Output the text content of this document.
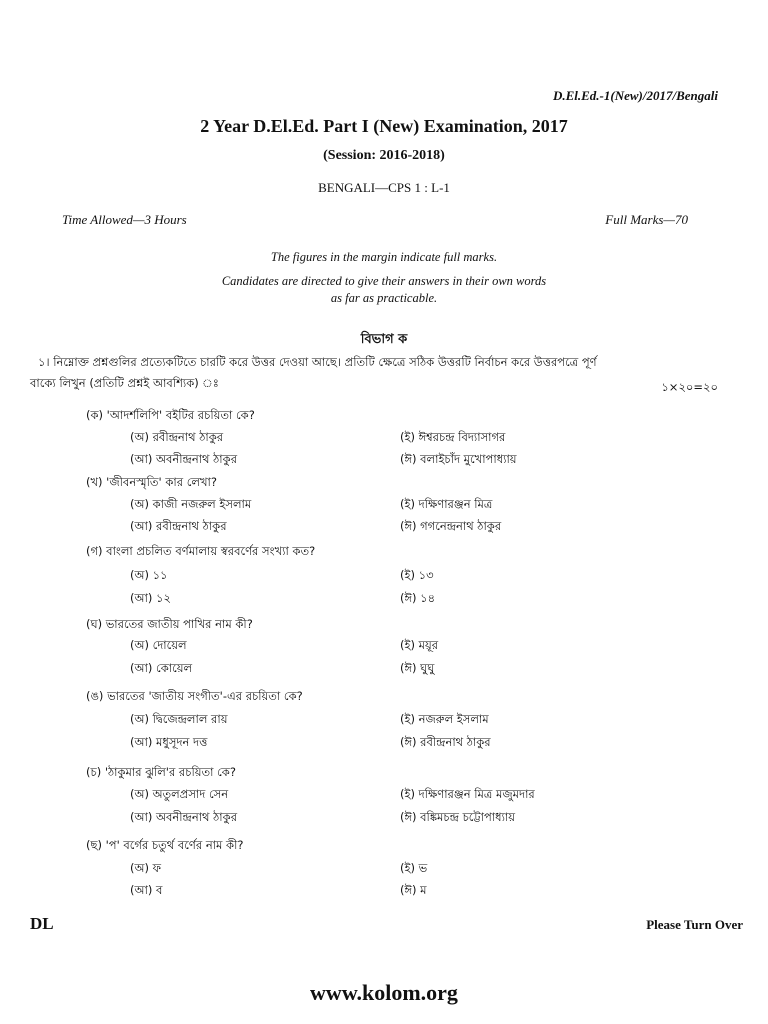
D.El.Ed.-1(New)/2017/Bengali
2 Year D.El.Ed. Part I (New) Examination, 2017
(Session: 2016-2018)
BENGALI—CPS 1 : L-1
Time Allowed—3 Hours	Full Marks—70
The figures in the margin indicate full marks.
Candidates are directed to give their answers in their own words
as far as practicable.
বিভাগ ক
১। নিম্নোক্ত প্রশ্নগুলির প্রত্যেকটিতে চারটি করে উত্তর দেওয়া আছে। প্রতিটি ক্ষেত্রে সঠিক উত্তরটি নির্বাচন করে উত্তরপত্রে পূর্ণ
বাক্যে লিখুন (প্রতিটি প্রশ্নই আবশ্যিক) ঃ	১×২০=২০
(ক) 'আদর্শলিপি' বইটির রচয়িতা কে?
(অ) রবীন্দ্রনাথ ঠাকুর	(ই) ঈশ্বরচন্দ্র বিদ্যাসাগর
(আ) অবনীন্দ্রনাথ ঠাকুর	(ঈ) বলাইচাঁদ মুখোপাধ্যায়
(খ) 'জীবনস্মৃতি' কার লেখা?
(অ) কাজী নজরুল ইসলাম	(ই) দক্ষিণারঞ্জন মিত্র
(আ) রবীন্দ্রনাথ ঠাকুর	(ঈ) গগনেন্দ্রনাথ ঠাকুর
(গ) বাংলা প্রচলিত বর্ণমালায় স্বরবর্ণের সংখ্যা কত?
(অ) ১১	(ই) ১৩
(আ) ১২	(ঈ) ১৪
(ঘ) ভারতের জাতীয় পাখির নাম কী?
(অ) দোয়েল	(ই) ময়ূর
(আ) কোয়েল	(ঈ) ঘুঘু
(ঙ) ভারতের 'জাতীয় সংগীত'-এর রচয়িতা কে?
(অ) দ্বিজেন্দ্রলাল রায়	(ই) নজরুল ইসলাম
(আ) মধুসূদন দত্ত	(ঈ) রবীন্দ্রনাথ ঠাকুর
(চ) 'ঠাকুমার ঝুলি'র রচয়িতা কে?
(অ) অতুলপ্রসাদ সেন	(ই) দক্ষিণারঞ্জন মিত্র মজুমদার
(আ) অবনীন্দ্রনাথ ঠাকুর	(ঈ) বঙ্কিমচন্দ্র চট্টোপাধ্যায়
(ছ) 'প' বর্গের চতুর্থ বর্ণের নাম কী?
(অ) ফ	(ই) ভ
(আ) ব	(ঈ) ম
DL	Please Turn Over
www.kolom.org
